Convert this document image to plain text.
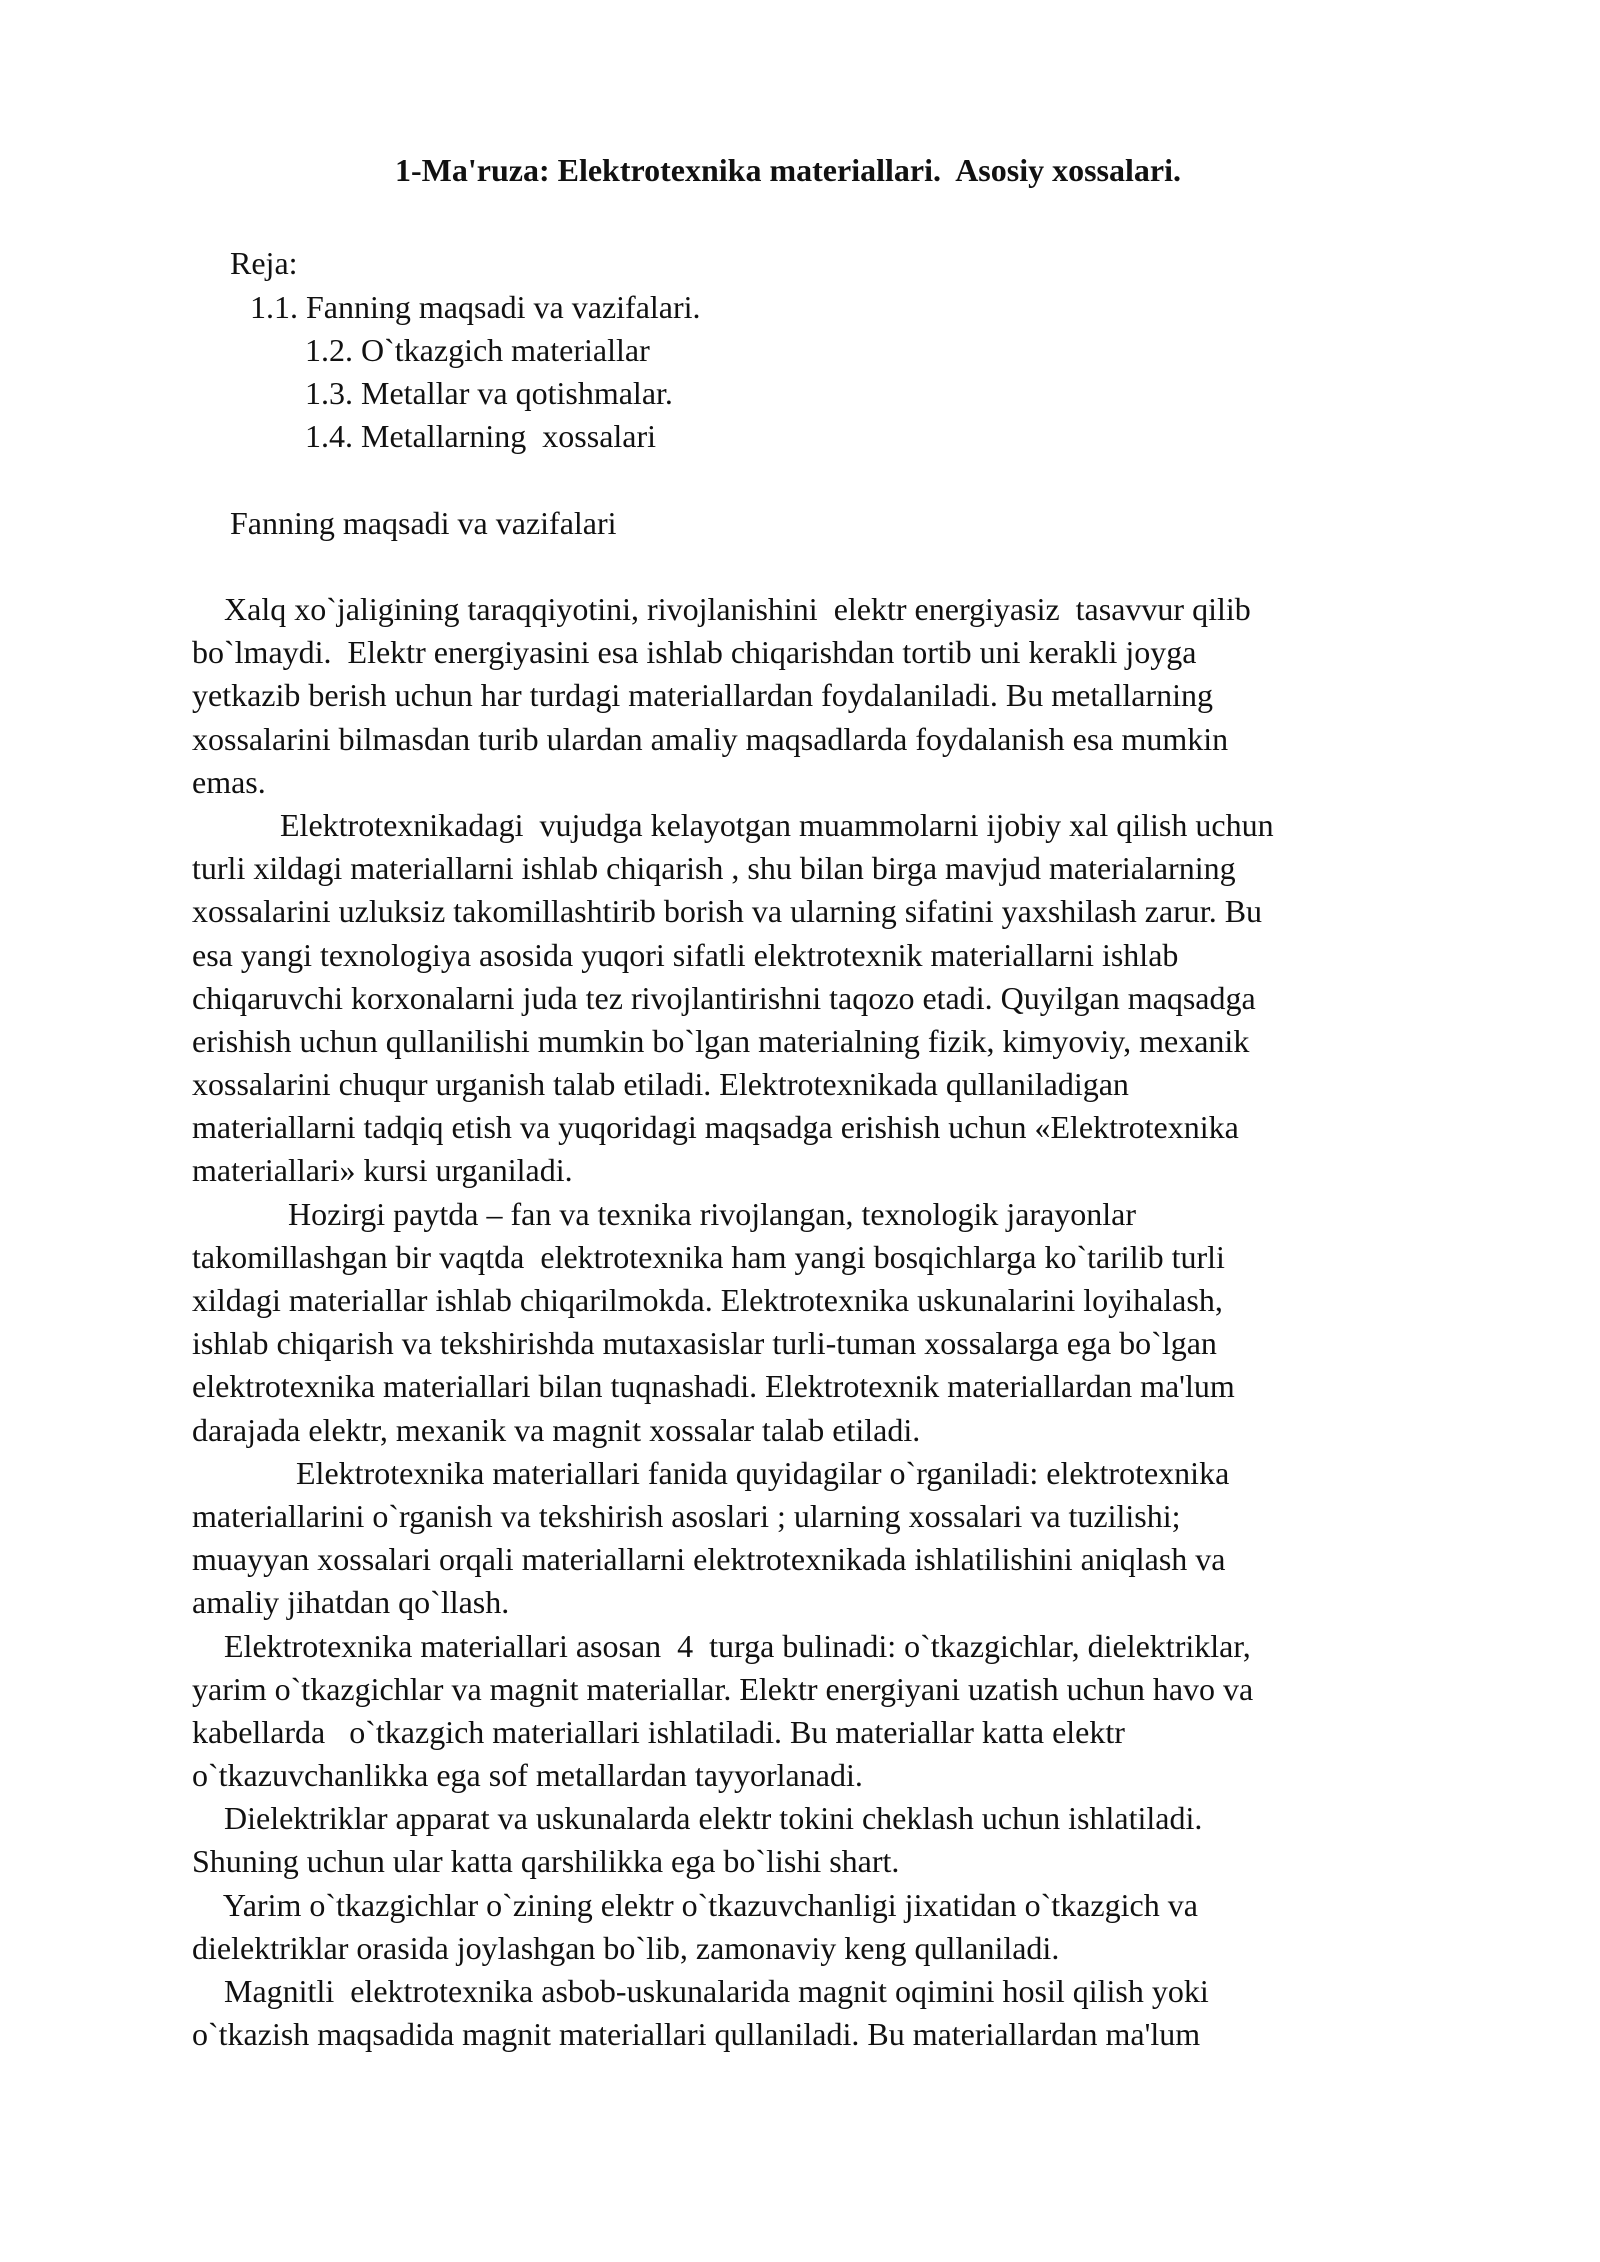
1-Ma'ruza: Elektrotexnika materiallari.  Asosiy xossalari.
Reja:
1.1. Fanning maqsadi va vazifalari.
1.2. O`tkazgich materiallar
1.3. Metallar va qotishmalar.
1.4. Metallarning  xossalari
Fanning maqsadi va vazifalari
Xalq xo`jaligining taraqqiyotini, rivojlanishini  elektr energiyasiz  tasavvur qilib
bo`lmaydi.  Elektr energiyasini esa ishlab chiqarishdan tortib uni kerakli joyga
yetkazib berish uchun har turdagi materiallardan foydalaniladi. Bu metallarning
xossalarini bilmasdan turib ulardan amaliy maqsadlarda foydalanish esa mumkin
emas.
Elektrotexnikadagi  vujudga kelayotgan muammolarni ijobiy xal qilish uchun
turli xildagi materiallarni ishlab chiqarish , shu bilan birga mavjud materialarning
xossalarini uzluksiz takomillashtirib borish va ularning sifatini yaxshilash zarur. Bu
esa yangi texnologiya asosida yuqori sifatli elektrotexnik materiallarni ishlab
chiqaruvchi korxonalarni juda tez rivojlantirishni taqozo etadi. Quyilgan maqsadga
erishish uchun qullanilishi mumkin bo`lgan materialning fizik, kimyoviy, mexanik
xossalarini chuqur urganish talab etiladi. Elektrotexnikada qullaniladigan
materiallarni tadqiq etish va yuqoridagi maqsadga erishish uchun «Elektrotexnika
materiallari» kursi urganiladi.
Hozirgi paytda – fan va texnika rivojlangan, texnologik jarayonlar
takomillashgan bir vaqtda  elektrotexnika ham yangi bosqichlarga ko`tarilib turli
xildagi materiallar ishlab chiqarilmokda. Elektrotexnika uskunalarini loyihalash,
ishlab chiqarish va tekshirishda mutaxasislar turli-tuman xossalarga ega bo`lgan
elektrotexnika materiallari bilan tuqnashadi. Elektrotexnik materiallardan ma'lum
darajada elektr, mexanik va magnit xossalar talab etiladi.
Elektrotexnika materiallari fanida quyidagilar o`rganiladi: elektrotexnika
materiallarini o`rganish va tekshirish asoslari ; ularning xossalari va tuzilishi;
muayyan xossalari orqali materiallarni elektrotexnikada ishlatilishini aniqlash va
amaliy jihatdan qo`llash.
Elektrotexnika materiallari asosan  4  turga bulinadi: o`tkazgichlar, dielektriklar,
yarim o`tkazgichlar va magnit materiallar. Elektr energiyani uzatish uchun havo va
kabellarda   o`tkazgich materiallari ishlatiladi. Bu materiallar katta elektr
o`tkazuvchanlikka ega sof metallardan tayyorlanadi.
Dielektriklar apparat va uskunalarda elektr tokini cheklash uchun ishlatiladi.
Shuning uchun ular katta qarshilikka ega bo`lishi shart.
Yarim o`tkazgichlar o`zining elektr o`tkazuvchanligi jixatidan o`tkazgich va
dielektriklar orasida joylashgan bo`lib, zamonaviy keng qullaniladi.
Magnitli  elektrotexnika asbob-uskunalarida magnit oqimini hosil qilish yoki
o`tkazish maqsadida magnit materiallari qullaniladi. Bu materiallardan ma'lum
